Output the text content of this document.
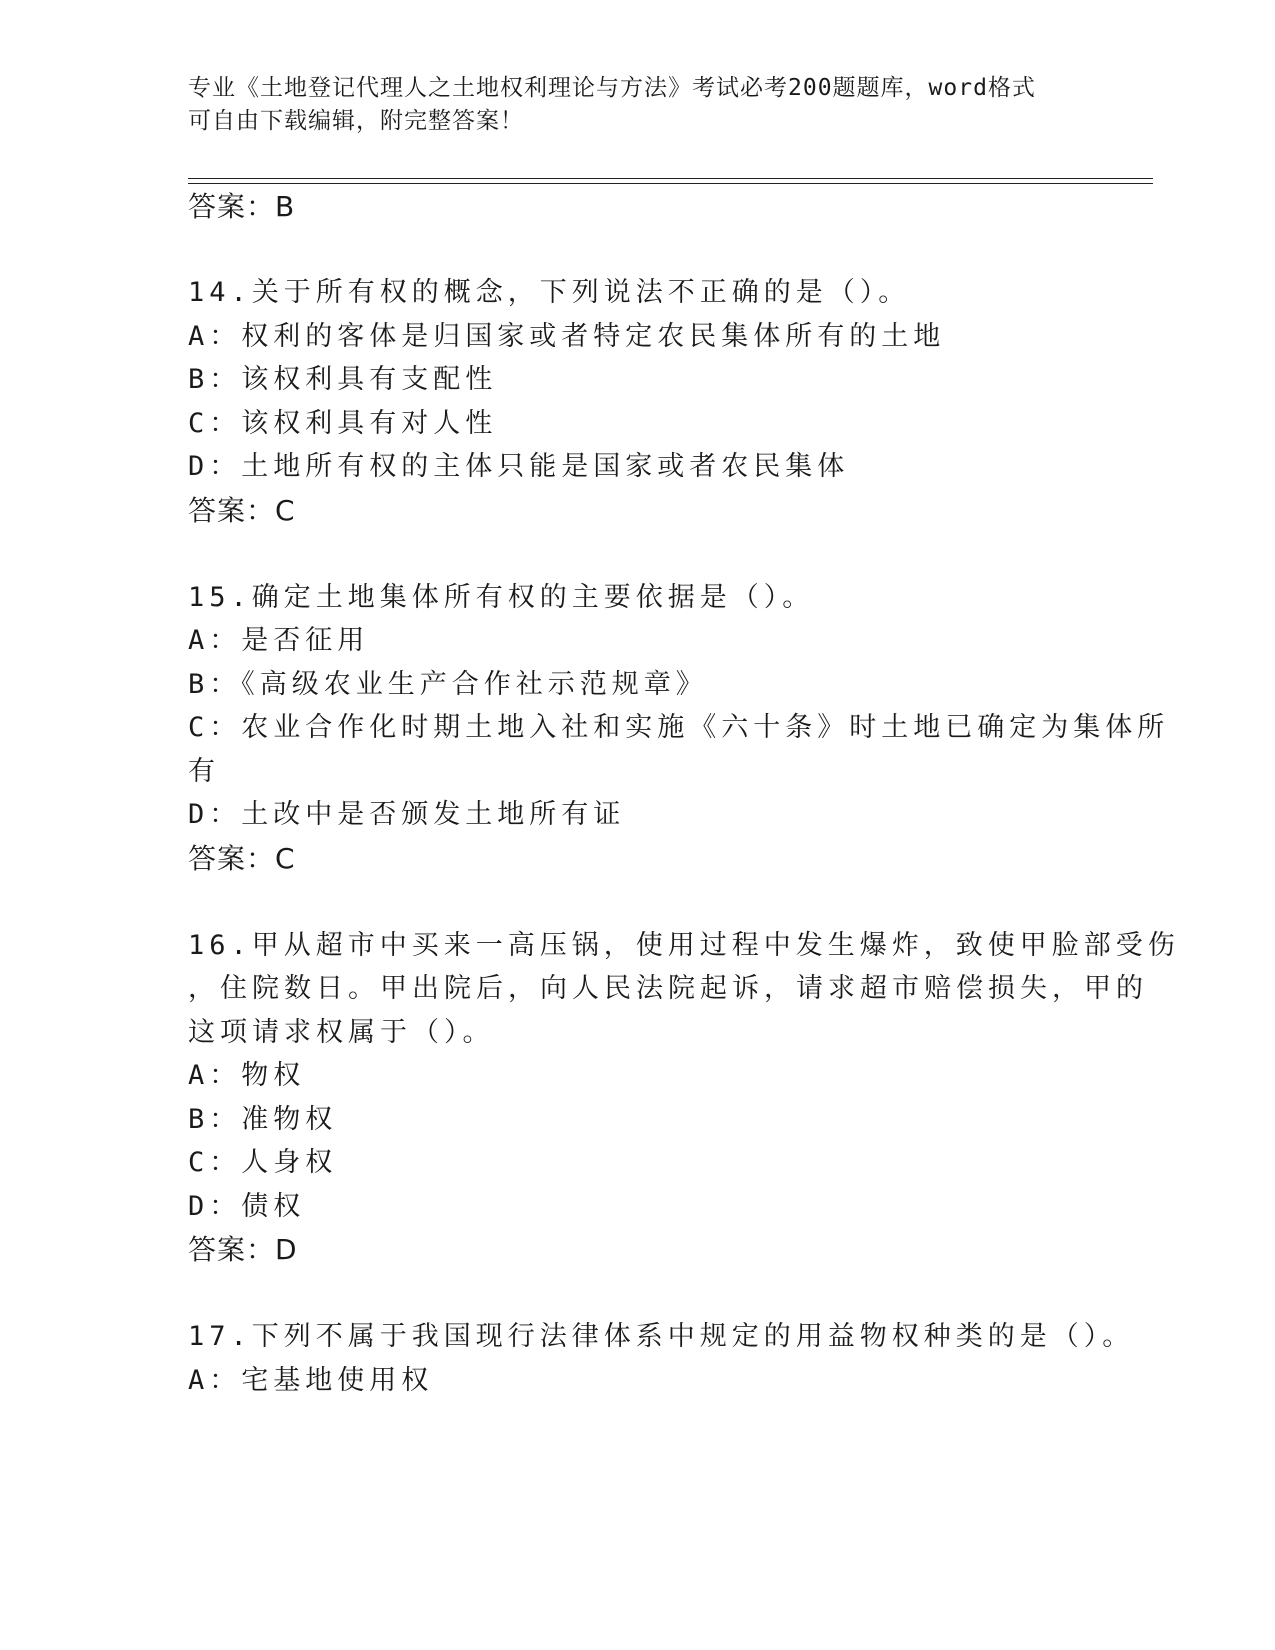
专业《土地登记代理人之土地权利理论与方法》考试必考200题题库，word格式
可自由下载编辑，附完整答案！
答案：B
14.关于所有权的概念，下列说法不正确的是（）。
A：权利的客体是归国家或者特定农民集体所有的土地
B：该权利具有支配性
C：该权利具有对人性
D：土地所有权的主体只能是国家或者农民集体
答案：C
15.确定土地集体所有权的主要依据是（）。
A：是否征用
B：《高级农业生产合作社示范规章》
C：农业合作化时期土地入社和实施《六十条》时土地已确定为集体所
有
D：土改中是否颁发土地所有证
答案：C
16.甲从超市中买来一高压锅，使用过程中发生爆炸，致使甲脸部受伤
，住院数日。甲出院后，向人民法院起诉，请求超市赔偿损失，甲的
这项请求权属于（）。
A：物权
B：准物权
C：人身权
D：债权
答案：D
17.下列不属于我国现行法律体系中规定的用益物权种类的是（）。
A：宅基地使用权
